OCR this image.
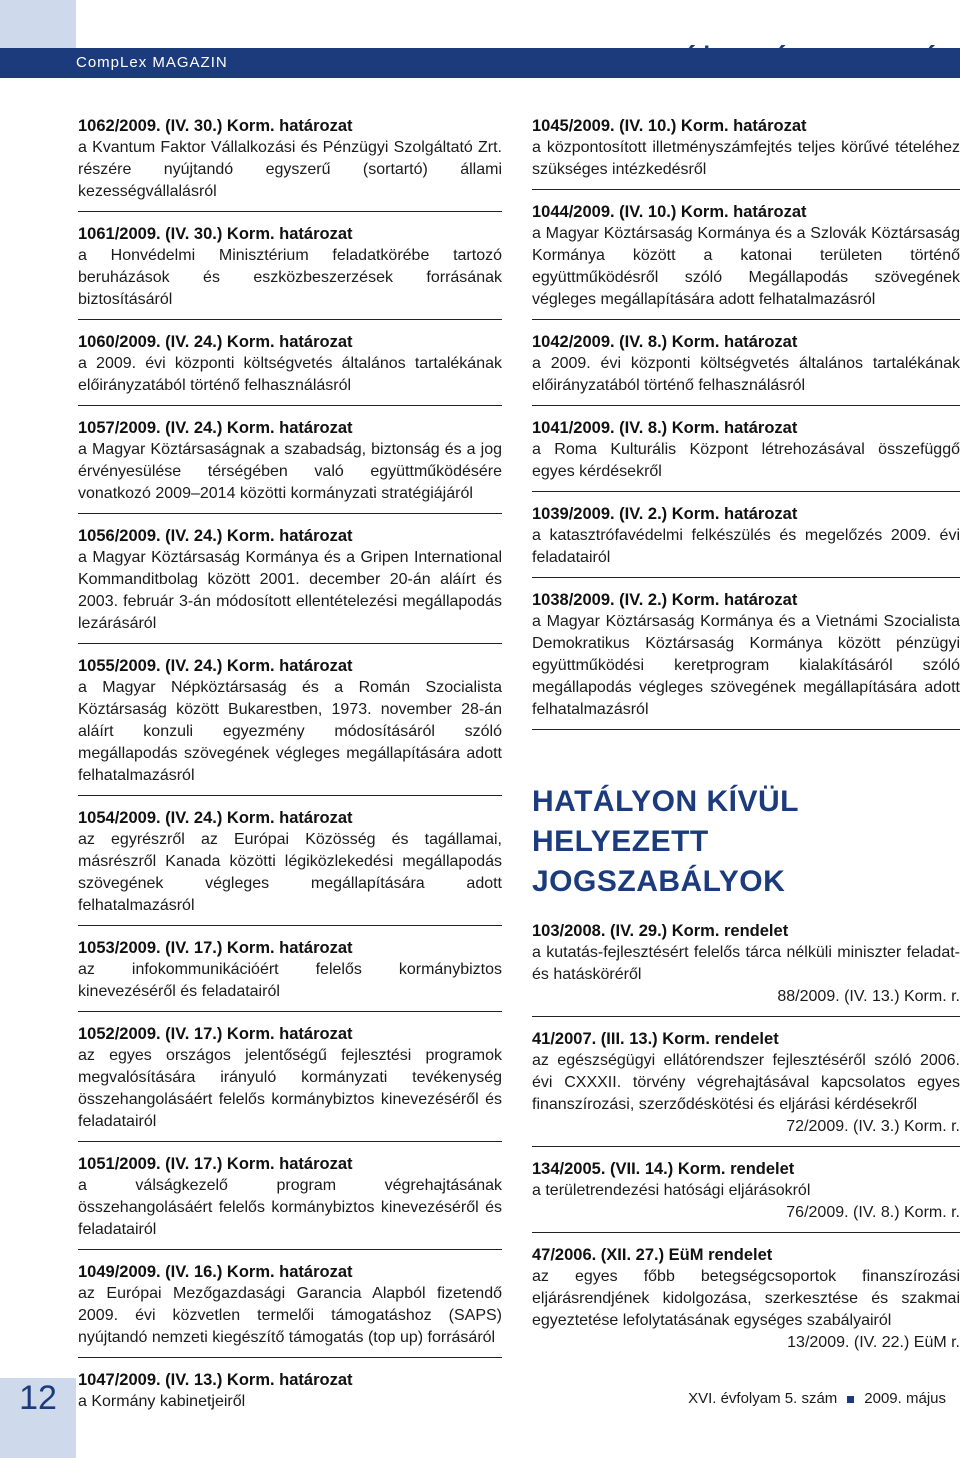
CompLex MAGAZIN	változásmutató
1062/2009. (IV. 30.) Korm. határozat
a Kvantum Faktor Vállalkozási és Pénzügyi Szolgáltató Zrt. részére nyújtandó egyszerű (sortartó) állami kezességvállalásról
1061/2009. (IV. 30.) Korm. határozat
a Honvédelmi Minisztérium feladatkörébe tartozó beruházások és eszközbeszerzések forrásának biztosításáról
1060/2009. (IV. 24.) Korm. határozat
a 2009. évi központi költségvetés általános tartalékának előirányzatából történő felhasználásról
1057/2009. (IV. 24.) Korm. határozat
a Magyar Köztársaságnak a szabadság, biztonság és a jog érvényesülése térségében való együttműködésére vonatkozó 2009–2014 közötti kormányzati stratégiájáról
1056/2009. (IV. 24.) Korm. határozat
a Magyar Köztársaság Kormánya és a Gripen International Kommanditbolag között 2001. december 20-án aláírt és 2003. február 3-án módosított ellentételezési megállapodás lezárásáról
1055/2009. (IV. 24.) Korm. határozat
a Magyar Népköztársaság és a Román Szocialista Köztársaság között Bukarestben, 1973. november 28-án aláírt konzuli egyezmény módosításáról szóló megállapodás szövegének végleges megállapítására adott felhatalmazásról
1054/2009. (IV. 24.) Korm. határozat
az egyrészről az Európai Közösség és tagállamai, másrészről Kanada közötti légiközlekedési megállapodás szövegének végleges megállapítására adott felhatalmazásról
1053/2009. (IV. 17.) Korm. határozat
az infokommunikációért felelős kormánybiztos kinevezéséről és feladatairól
1052/2009. (IV. 17.) Korm. határozat
az egyes országos jelentőségű fejlesztési programok megvalósítására irányuló kormányzati tevékenység összehangolásáért felelős kormánybiztos kinevezéséről és feladatairól
1051/2009. (IV. 17.) Korm. határozat
a válságkezelő program végrehajtásának összehangolásáért felelős kormánybiztos kinevezéséről és feladatairól
1049/2009. (IV. 16.) Korm. határozat
az Európai Mezőgazdasági Garancia Alapból fizetendő 2009. évi közvetlen termelői támogatáshoz (SAPS) nyújtandó nemzeti kiegészítő támogatás (top up) forrásáról
1047/2009. (IV. 13.) Korm. határozat
a Kormány kabinetjeiről
1045/2009. (IV. 10.) Korm. határozat
a központosított illetményszámfejtés teljes körűvé tételéhez szükséges intézkedésről
1044/2009. (IV. 10.) Korm. határozat
a Magyar Köztársaság Kormánya és a Szlovák Köztársaság Kormánya között a katonai területen történő együttműködésről szóló Megállapodás szövegének végleges megállapítására adott felhatalmazásról
1042/2009. (IV. 8.) Korm. határozat
a 2009. évi központi költségvetés általános tartalékának előirányzatából történő felhasználásról
1041/2009. (IV. 8.) Korm. határozat
a Roma Kulturális Központ létrehozásával összefüggő egyes kérdésekről
1039/2009. (IV. 2.) Korm. határozat
a katasztrófavédelmi felkészülés és megelőzés 2009. évi feladatairól
1038/2009. (IV. 2.) Korm. határozat
a Magyar Köztársaság Kormánya és a Vietnámi Szocialista Demokratikus Köztársaság Kormánya között pénzügyi együttműködési keretprogram kialakításáról szóló megállapodás végleges szövegének megállapítására adott felhatalmazásról
HATÁLYON KÍVÜL HELYEZETT
JOGSZABÁLYOK
103/2008. (IV. 29.) Korm. rendelet
a kutatás-fejlesztésért felelős tárca nélküli miniszter feladat- és hatásköréről
88/2009. (IV. 13.) Korm. r.
41/2007. (III. 13.) Korm. rendelet
az egészségügyi ellátórendszer fejlesztéséről szóló 2006. évi CXXXII. törvény végrehajtásával kapcsolatos egyes finanszírozási, szerződéskötési és eljárási kérdésekről
72/2009. (IV. 3.) Korm. r.
134/2005. (VII. 14.) Korm. rendelet
a területrendezési hatósági eljárásokról
76/2009. (IV. 8.) Korm. r.
47/2006. (XII. 27.) EüM rendelet
az egyes főbb betegségcsoportok finanszírozási eljárásrendjének kidolgozása, szerkesztése és szakmai egyeztetése lefolytatásának egységes szabályairól
13/2009. (IV. 22.) EüM r.
12	XVI. évfolyam 5. szám 2009. május
